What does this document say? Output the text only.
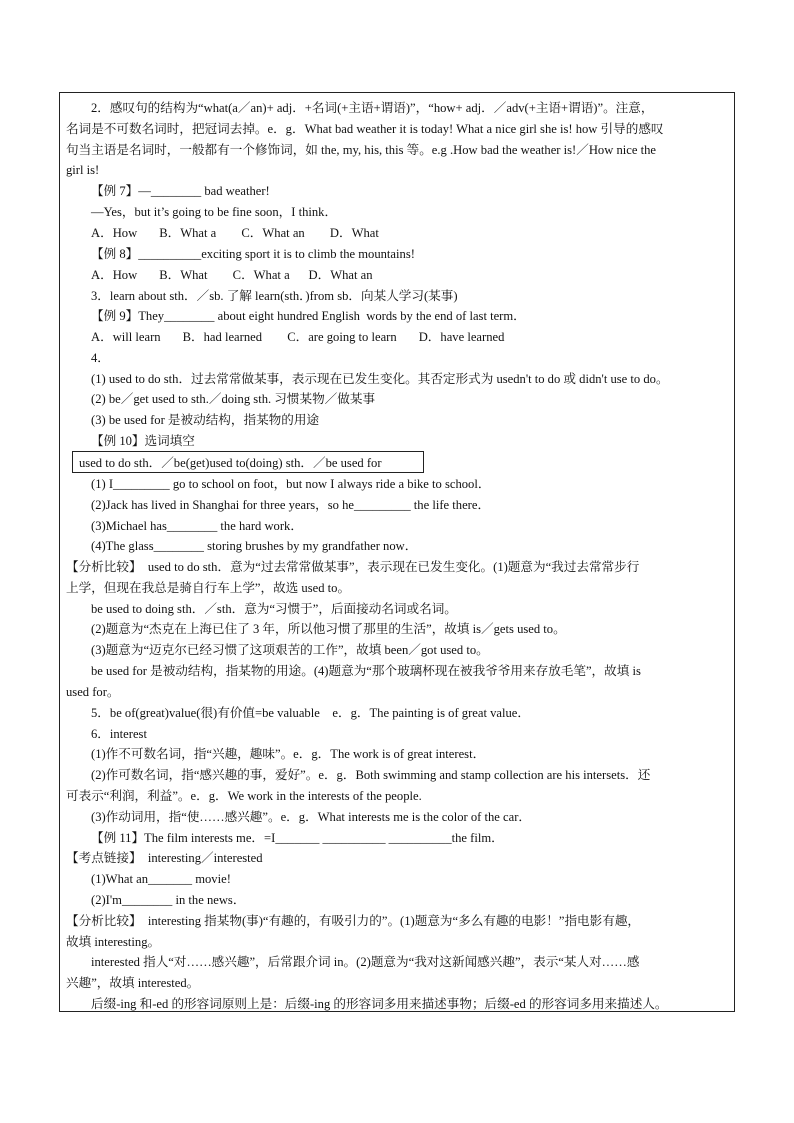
2．感叹句的结构为“what(a／an)+ adj．+名词(+主语+谓语)”，“how+ adj．／adv(+主语+谓语)”。注意，
名词是不可数名词时，把冠词去掉。e．g．What bad weather it is today! What a nice girl she is! how 引导的感叹
句当主语是名词时，一般都有一个修饰词，如 the, my, his, this 等。e.g .How bad the weather is!／How nice the
girl is!
【例 7】—________ bad weather!
—Yes，but it’s going to be fine soon，I think．
A．How       B．What a        C．What an        D．What
【例 8】__________exciting sport it is to climb the mountains!
A．How       B．What        C．What a      D．What an
3．learn about sth．／sb. 了解 learn(sth．)from sb．向某人学习(某事)
【例 9】They________ about eight hundred English  words by the end of last term．
A．will learn       B．had learned        C．are going to learn       D．have learned
4．
(1) used to do sth．过去常常做某事，表示现在已发生变化。其否定形式为 usedn't to do 或 didn't use to do。
(2) be／get used to sth.／doing sth. 习惯某物／做某事
(3) be used for 是被动结构，指某物的用途
【例 10】选词填空
used to do sth．／be(get)used to(doing) sth．／be used for
(1) I_________ go to school on foot，but now I always ride a bike to school．
(2)Jack has lived in Shanghai for three years，so he_________ the life there．
(3)Michael has________ the hard work．
(4)The glass________ storing brushes by my grandfather now．
【分析比较】  used to do sth．意为“过去常常做某事”，表示现在已发生变化。(1)题意为“我过去常常步行
上学，但现在我总是骑自行车上学”，故选 used to。
be used to doing sth．／sth．意为“习惯于”，后面接动名词或名词。
(2)题意为“杰克在上海已住了 3 年，所以他习惯了那里的生活”，故填 is／gets used to。
(3)题意为“迈克尔已经习惯了这项艰苦的工作”，故填 been／got used to。
be used for 是被动结构，指某物的用途。(4)题意为“那个玻璃杯现在被我爷爷用来存放毛笔”，故填 is
used for。
5．be of(great)value(很)有价值=be valuable    e．g．The painting is of great value．
6．interest
(1)作不可数名词，指“兴趣，趣味”。e．g．The work is of great interest．
(2)作可数名词，指“感兴趣的事，爱好”。e．g．Both swimming and stamp collection are his intersets．还
可表示“利润，利益”。e．g．We work in the interests of the people.
(3)作动词用，指“使……感兴趣”。e．g．What interests me is the color of the car．
【例 11】The film interests me．=I_______ __________ __________the film．
【考点链接】  interesting／interested
(1)What an_______ movie!
(2)I'm________ in the news．
【分析比较】  interesting 指某物(事)“有趣的，有吸引力的”。(1)题意为“多么有趣的电影！”指电影有趣，
故填 interesting。
interested 指人“对……感兴趣”，后常跟介词 in。(2)题意为“我对这新闻感兴趣”，表示“某人对……感
兴趣”，故填 interested。
后缀-ing 和-ed 的形容词原则上是：后缀-ing 的形容词多用来描述事物；后缀-ed 的形容词多用来描述人。
